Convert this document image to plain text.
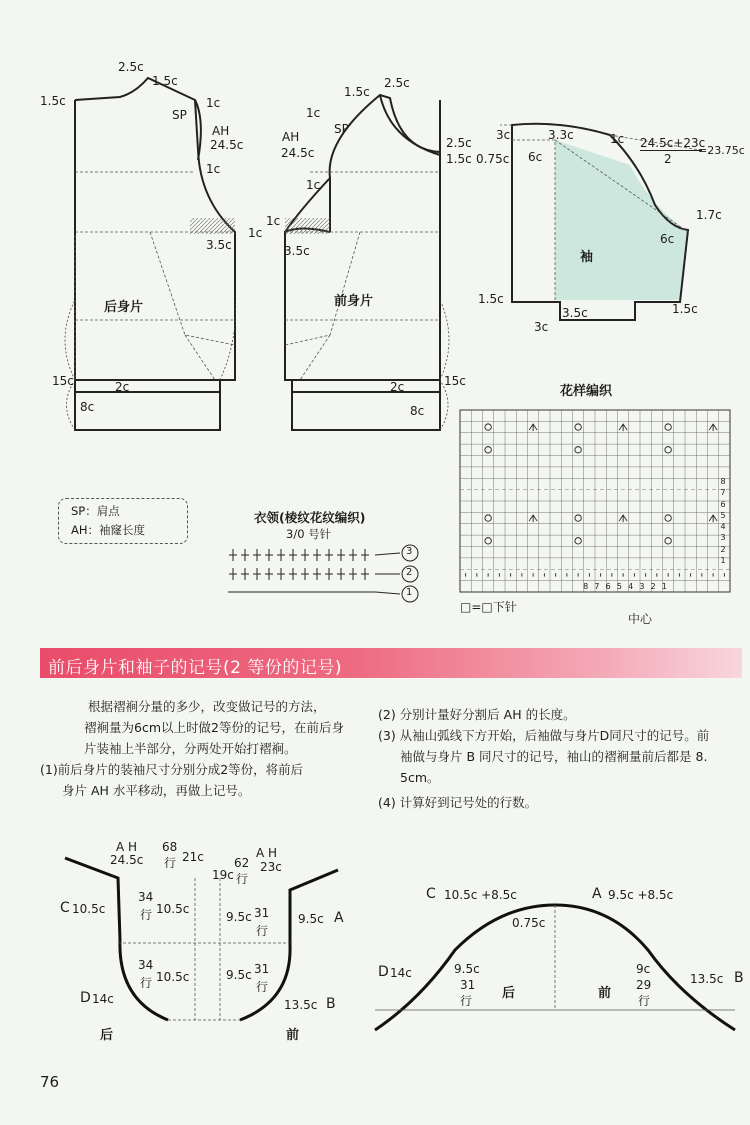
2.5c
1.5c
1.5c	1c
SP
AH
24.5c
1c
3.5c
1c
后身片
15c	2c
8c
1.5c
2.5c
1c
SP
AH
24.5c
2.5c
1.5c
1c
1c
3.5c
前身片
2c	15c
8c
3c	3.3c
0.75c 6c
1c 24.5c+23c
2
=23.75c
1.7c
6c
袖
1.5c
3.5c	1.5c
3c
花样编织
8
7
6
5
4
3
2
1
8 7 6 5 4 3 2 1
中心
□=□下针
SP：肩点
AH：袖窿长度
衣领(棱纹花纹编织)
3/0 号针
3
2
1
前后身片和袖子的记号(2 等份的记号)
根据褶裥分量的多少，改变做记号的方法，
褶裥量为6cm以上时做2等份的记号，在前后身
片装袖上半部分，分两处开始打褶裥。
(1)前后身片的装袖尺寸分别分成2等份，将前后
身片 AH 水平移动，再做上记号。
(2) 分别计量好分割后 AH 的长度。
(3) 从袖山弧线下方开始，后袖做与身片D同尺寸的记号。前
袖做与身片 B 同尺寸的记号，袖山的褶裥量前后都是 8.
5cm。
(4) 计算好到记号处的行数。
A H
24.5c
68
行 21c
19c
62
行
A H
23c
C 10.5c
34
行 10.5c
9.5c 31
行
9.5c A
34
行 10.5c	9.5c 31
行
D 14c	13.5c B
后	前
C 10.5c +8.5c	A 9.5c +8.5c
0.75c
D 14c	9.5c
31
行 后	前
9c
29
行
13.5c B
76
